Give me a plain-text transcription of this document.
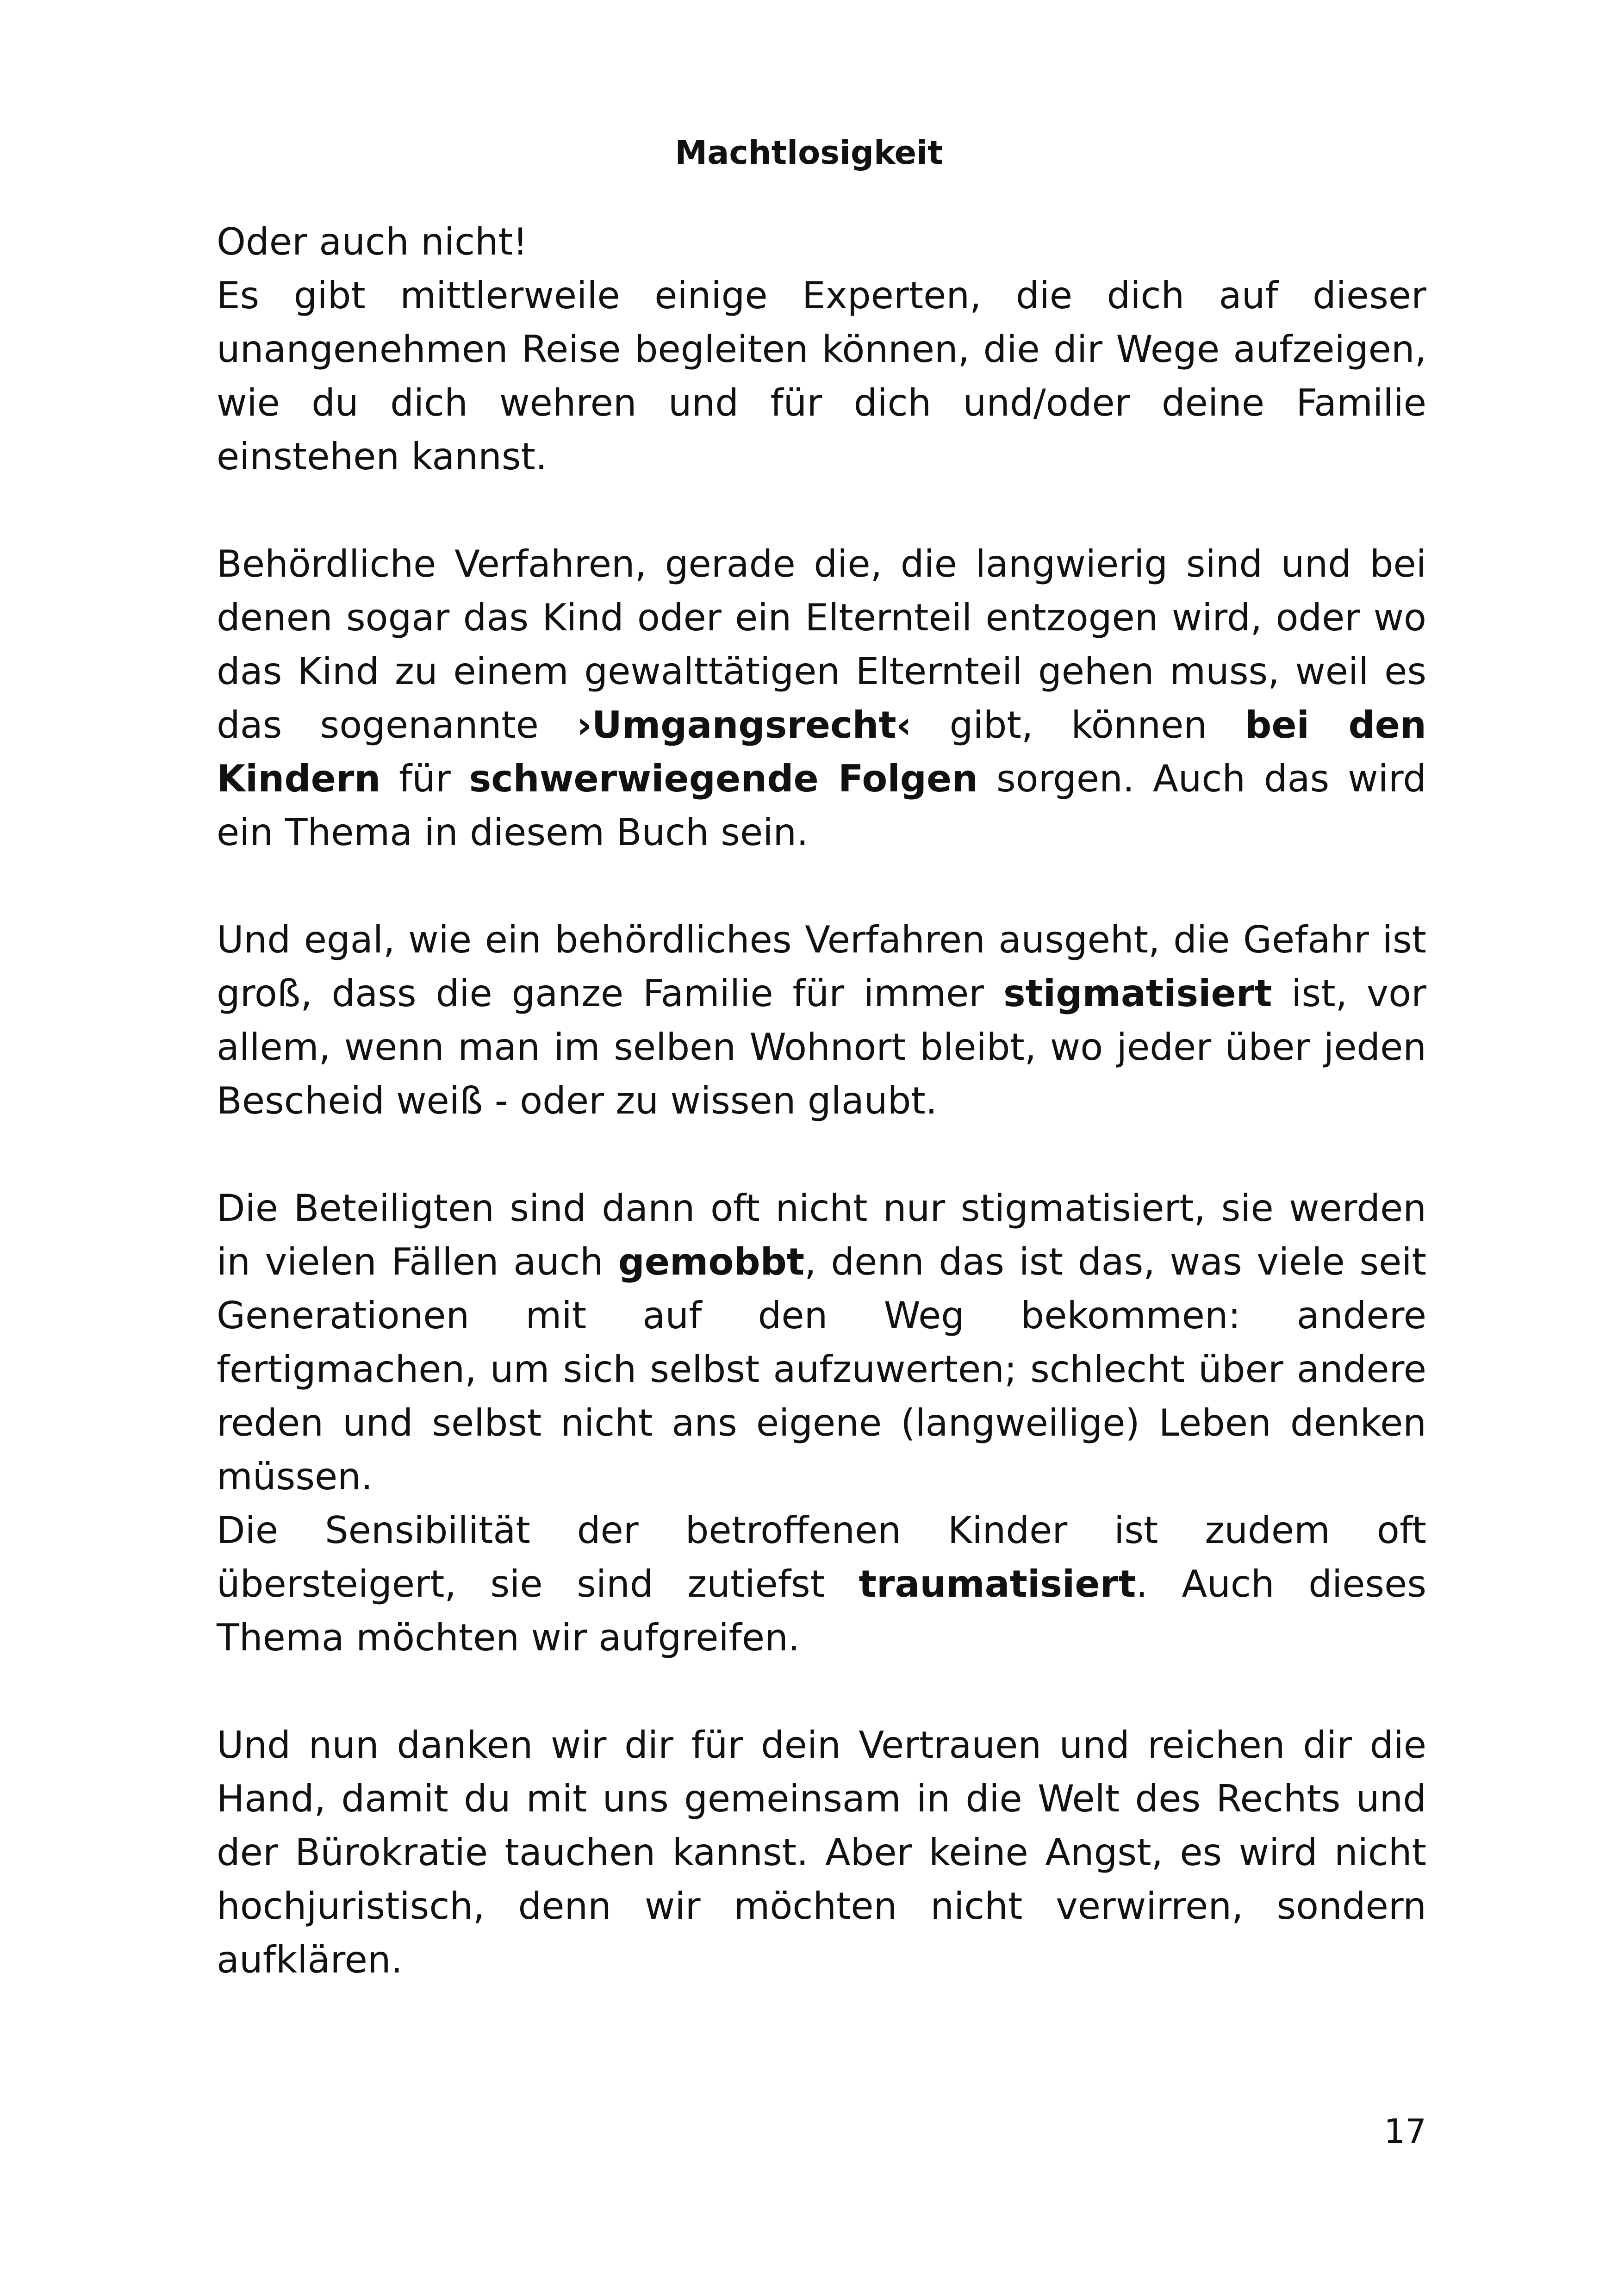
Machtlosigkeit

Oder auch nicht!

Es gibt mittlerweile einige Experten, die dich auf dieser unangenehmen Reise begleiten können, die dir Wege aufzeigen, wie du dich wehren und für dich und/oder deine Familie einstehen kannst.

Behördliche Verfahren, gerade die, die langwierig sind und bei denen sogar das Kind oder ein Elternteil entzogen wird, oder wo das Kind zu einem gewalttätigen Elternteil gehen muss, weil es das sogenannte ›Umgangsrecht‹ gibt, können bei den Kindern für schwerwiegende Folgen sorgen. Auch das wird ein Thema in diesem Buch sein.

Und egal, wie ein behördliches Verfahren ausgeht, die Gefahr ist groß, dass die ganze Familie für immer stigmatisiert ist, vor allem, wenn man im selben Wohnort bleibt, wo jeder über jeden Bescheid weiß - oder zu wissen glaubt.

Die Beteiligten sind dann oft nicht nur stigmatisiert, sie werden in vielen Fällen auch gemobbt, denn das ist das, was viele seit Generationen mit auf den Weg bekommen: andere fertigmachen, um sich selbst aufzuwerten; schlecht über andere reden und selbst nicht ans eigene (langweilige) Leben denken müssen.

Die Sensibilität der betroffenen Kinder ist zudem oft übersteigert, sie sind zutiefst traumatisiert. Auch dieses Thema möchten wir aufgreifen.

Und nun danken wir dir für dein Vertrauen und reichen dir die Hand, damit du mit uns gemeinsam in die Welt des Rechts und der Bürokratie tauchen kannst. Aber keine Angst, es wird nicht hochjuristisch, denn wir möchten nicht verwirren, sondern aufklären.

17
